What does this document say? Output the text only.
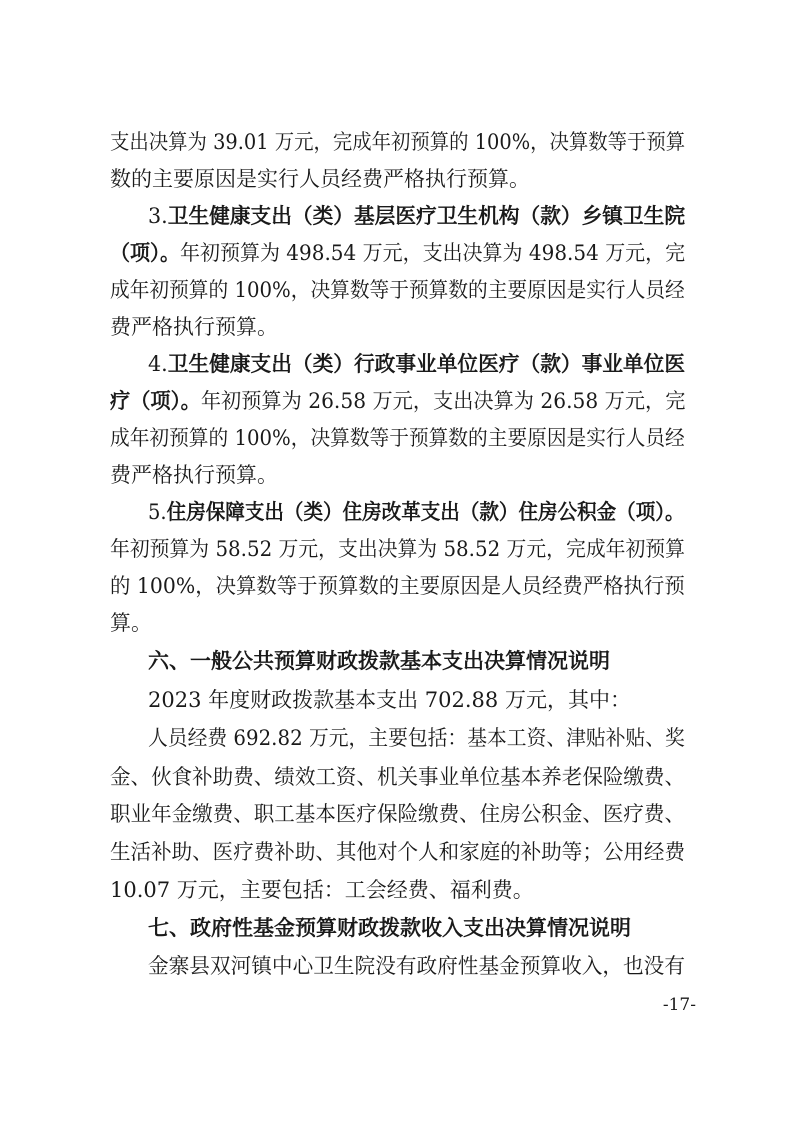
支出决算为 39.01 万元，完成年初预算的 100%，决算数等于预算
数的主要原因是实行人员经费严格执行预算。
3.卫生健康支出（类）基层医疗卫生机构（款）乡镇卫生院
（项）。年初预算为 498.54 万元，支出决算为 498.54 万元，完
成年初预算的 100%，决算数等于预算数的主要原因是实行人员经
费严格执行预算。
4.卫生健康支出（类）行政事业单位医疗（款）事业单位医
疗（项）。年初预算为 26.58 万元，支出决算为 26.58 万元，完
成年初预算的 100%，决算数等于预算数的主要原因是实行人员经
费严格执行预算。
5.住房保障支出（类）住房改革支出（款）住房公积金（项）。
年初预算为 58.52 万元，支出决算为 58.52 万元，完成年初预算
的 100%，决算数等于预算数的主要原因是人员经费严格执行预
算。
六、一般公共预算财政拨款基本支出决算情况说明
2023 年度财政拨款基本支出 702.88 万元，其中：
人员经费 692.82 万元，主要包括：基本工资、津贴补贴、奖
金、伙食补助费、绩效工资、机关事业单位基本养老保险缴费、
职业年金缴费、职工基本医疗保险缴费、住房公积金、医疗费、
生活补助、医疗费补助、其他对个人和家庭的补助等；公用经费
10.07 万元，主要包括：工会经费、福利费。
七、政府性基金预算财政拨款收入支出决算情况说明
金寨县双河镇中心卫生院没有政府性基金预算收入，也没有
-17-
